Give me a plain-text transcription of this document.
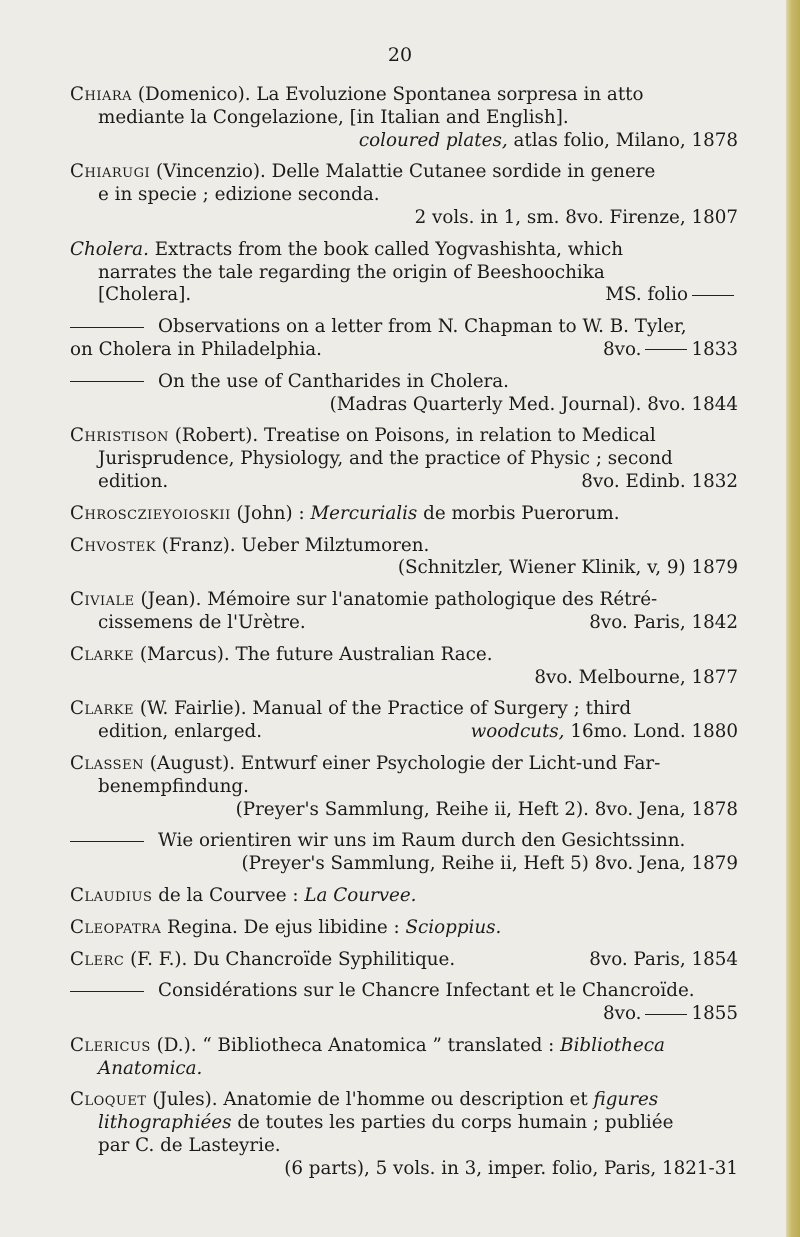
20
Chiara (Domenico). La Evoluzione Spontanea sorpresa in atto
mediante la Congelazione, [in Italian and English].
coloured plates, atlas folio, Milano, 1878
Chiarugi (Vincenzio). Delle Malattie Cutanee sordide in genere
e in specie ; edizione seconda.
2 vols. in 1, sm. 8vo. Firenze, 1807
Cholera. Extracts from the book called Yogvashishta, which
narrates the tale regarding the origin of Beeshoochika
[Cholera].	MS. folio
Observations on a letter from N. Chapman to W. B. Tyler,
on Cholera in Philadelphia.	8vo.	1833
On the use of Cantharides in Cholera.
(Madras Quarterly Med. Journal). 8vo. 1844
Christison (Robert). Treatise on Poisons, in relation to Medical
Jurisprudence, Physiology, and the practice of Physic ; second
edition.	8vo. Edinb. 1832
Chrosczieyoioskii (John) : Mercurialis de morbis Puerorum.
Chvostek (Franz). Ueber Milztumoren.
(Schnitzler, Wiener Klinik, v, 9) 1879
Civiale (Jean). Mémoire sur l'anatomie pathologique des Rétré-
cissemens de l'Urètre.	8vo. Paris, 1842
Clarke (Marcus). The future Australian Race.
8vo. Melbourne, 1877
Clarke (W. Fairlie). Manual of the Practice of Surgery ; third
edition, enlarged.	woodcuts, 16mo. Lond. 1880
Classen (August). Entwurf einer Psychologie der Licht-und Far-
benempfindung.
(Preyer's Sammlung, Reihe ii, Heft 2). 8vo. Jena, 1878
Wie orientiren wir uns im Raum durch den Gesichtssinn.
(Preyer's Sammlung, Reihe ii, Heft 5) 8vo. Jena, 1879
Claudius de la Courvee : La Courvee.
Cleopatra Regina. De ejus libidine : Scioppius.
Clerc (F. F.). Du Chancroïde Syphilitique.	8vo. Paris, 1854
Considérations sur le Chancre Infectant et le Chancroïde.
8vo.	1855
Clericus (D.). “ Bibliotheca Anatomica ” translated : Bibliotheca
Anatomica.
Cloquet (Jules). Anatomie de l'homme ou description et figures
lithographiées de toutes les parties du corps humain ; publiée
par C. de Lasteyrie.
(6 parts), 5 vols. in 3, imper. folio, Paris, 1821-31
